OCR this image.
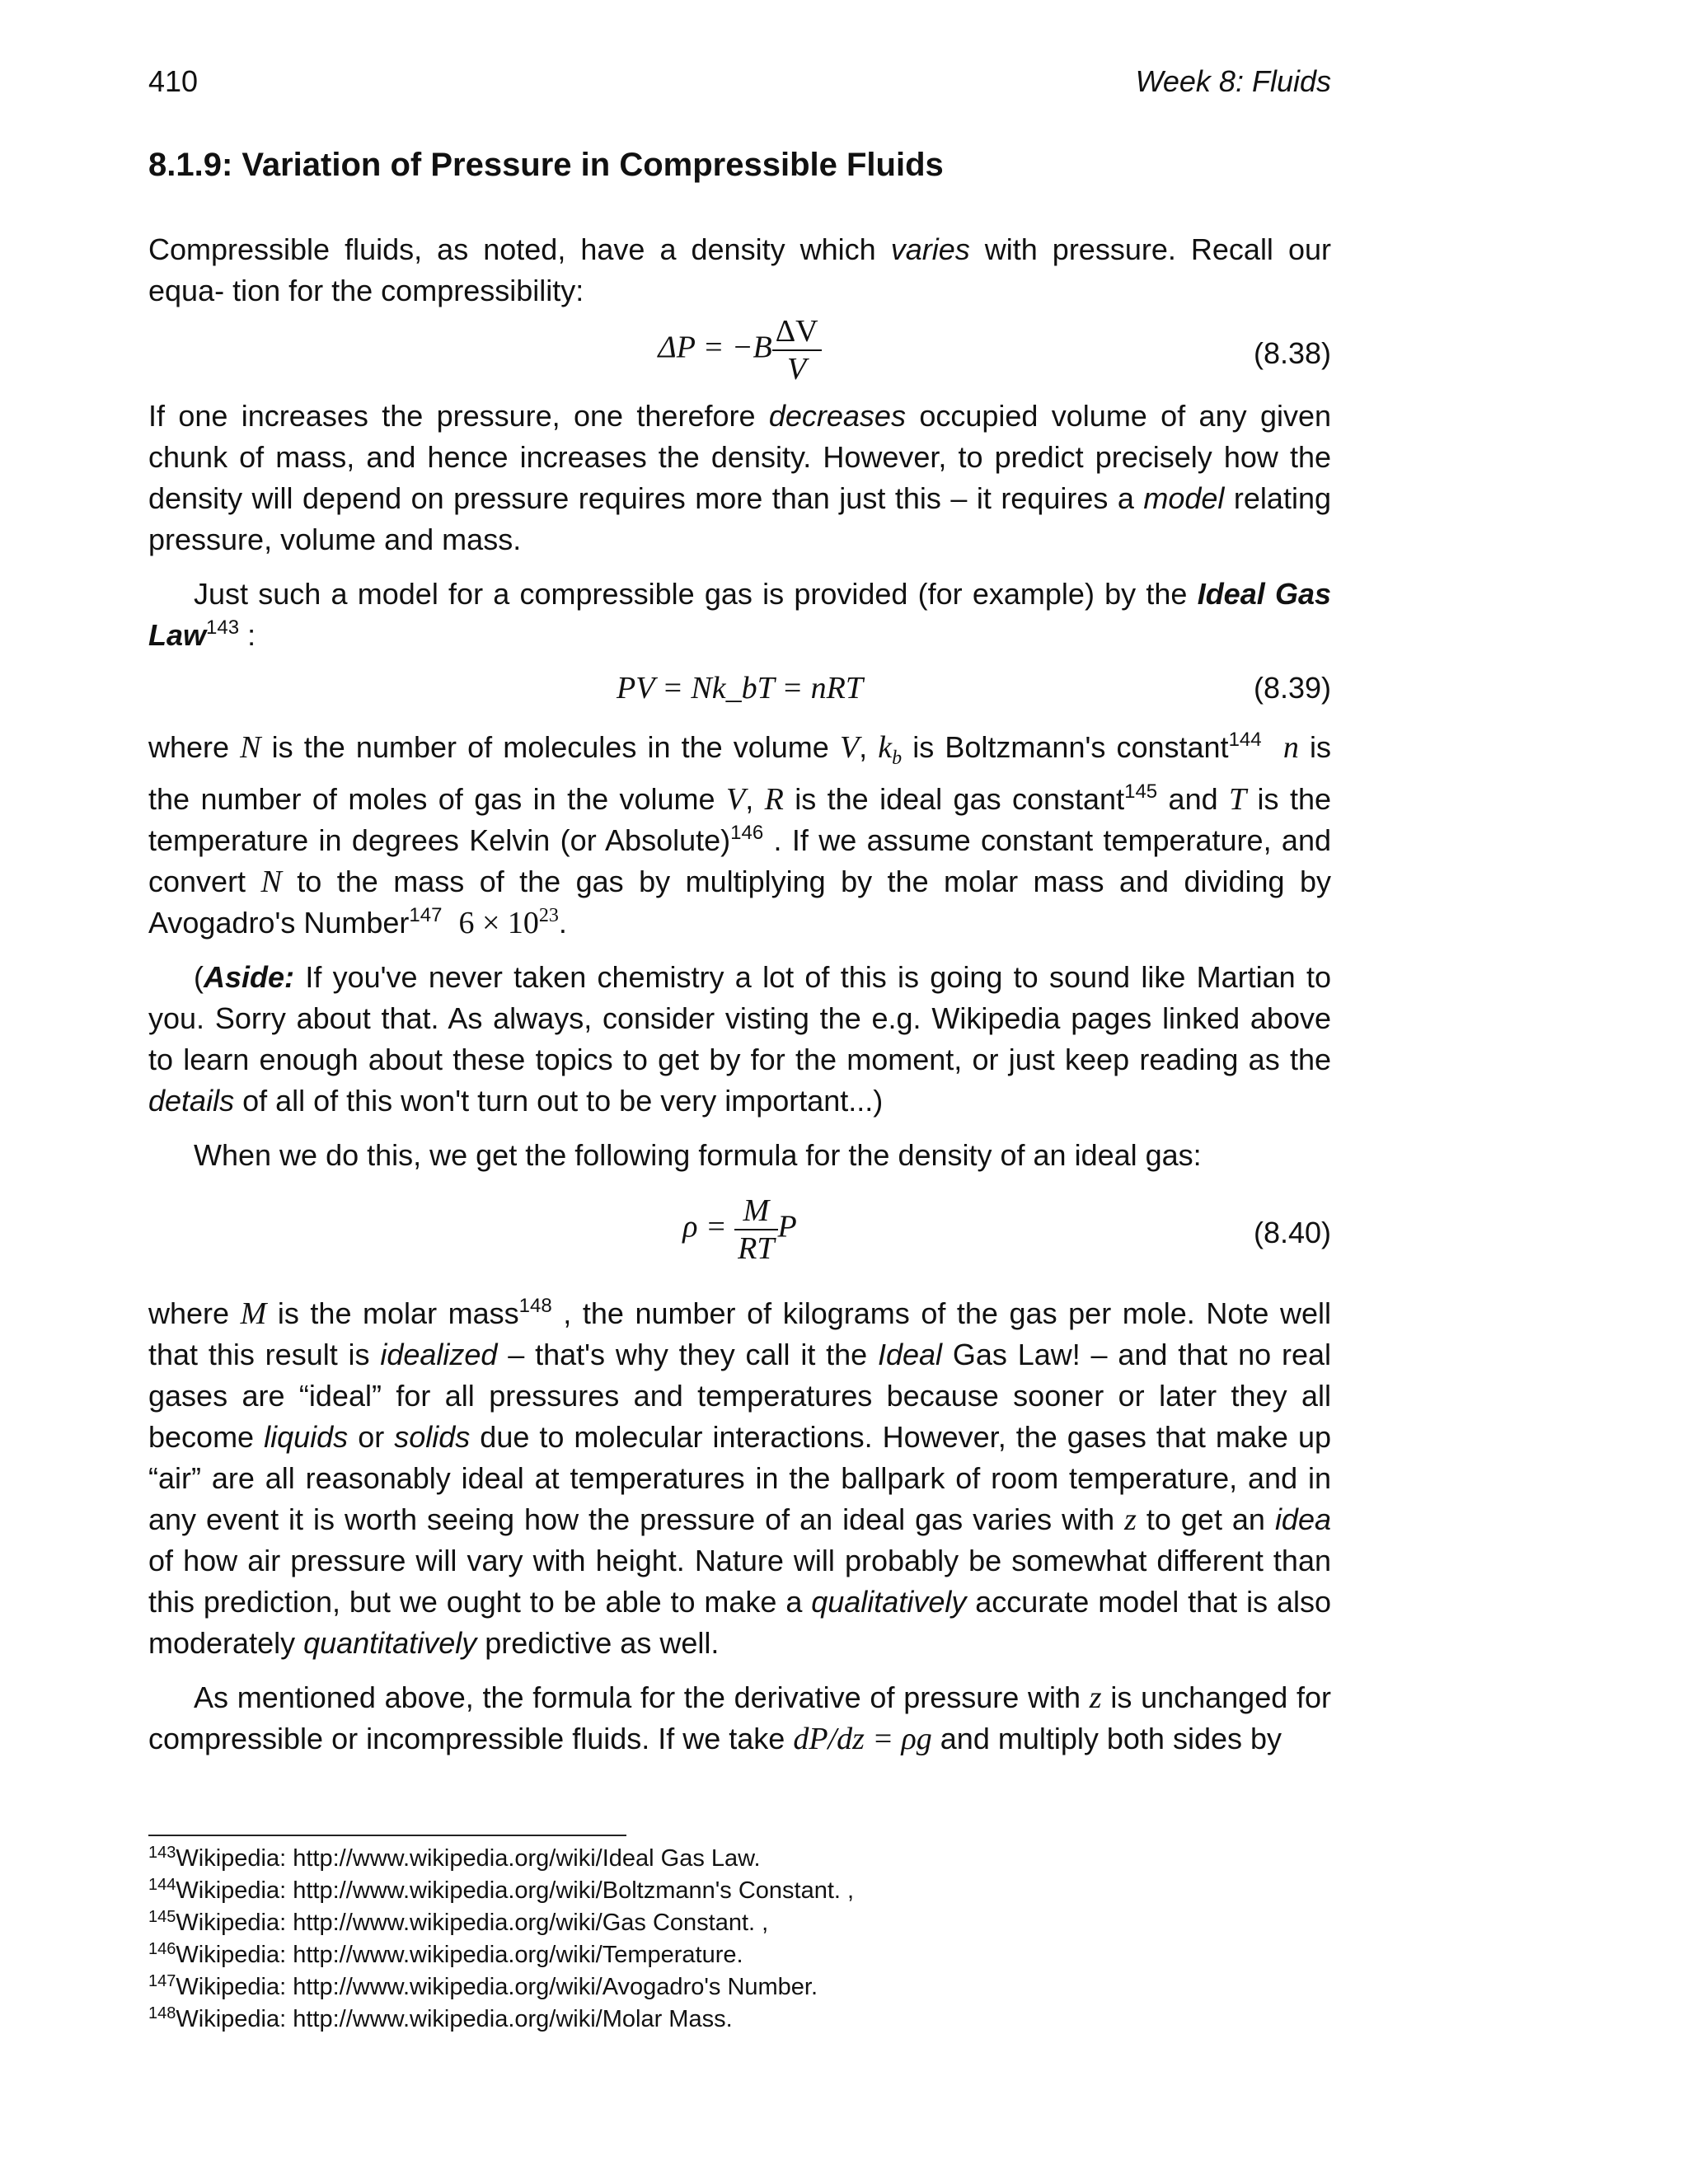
410	Week 8: Fluids
8.1.9: Variation of Pressure in Compressible Fluids

Compressible fluids, as noted, have a density which varies with pressure. Recall our equa- tion for the compressibility:

$\Delta P = -B \frac{\Delta V}{V}$	(8.38)

If one increases the pressure, one therefore decreases occupied volume of any given chunk of mass, and hence increases the density. However, to predict precisely how the density will depend on pressure requires more than just this – it requires a model relating pressure, volume and mass.

Just such a model for a compressible gas is provided (for example) by the Ideal Gas Law$^{143}$ :

PV = Nk_bT = nRT	(8.39)

where N is the number of molecules in the volume V, $k_b$ is Boltzmann's constant$^{144}$ n is the number of moles of gas in the volume V, R is the ideal gas constant$^{145}$ and T is the temperature in degrees Kelvin (or Absolute)$^{146}$ . If we assume constant temperature, and convert N to the mass of the gas by multiplying by the molar mass and dividing by Avogadro's Number$^{147}$ $6 \times 10^{23}$.

(Aside: If you've never taken chemistry a lot of this is going to sound like Martian to you. Sorry about that. As always, consider visting the e.g. Wikipedia pages linked above to learn enough about these topics to get by for the moment, or just keep reading as the details of all of this won't turn out to be very important...)

When we do this, we get the following formula for the density of an ideal gas:

$\rho = \frac{M}{RT}$ P	(8.40)

where M is the molar mass$^{148}$ , the number of kilograms of the gas per mole. Note well that this result is idealized – that's why they call it the Ideal Gas Law! – and that no real gases are “ideal” for all pressures and temperatures because sooner or later they all become liquids or solids due to molecular interactions. However, the gases that make up “air” are all reasonably ideal at temperatures in the ballpark of room temperature, and in any event it is worth seeing how the pressure of an ideal gas varies with z to get an idea of how air pressure will vary with height. Nature will probably be somewhat different than this prediction, but we ought to be able to make a qualitatively accurate model that is also moderately quantitatively predictive as well.

As mentioned above, the formula for the derivative of pressure with z is unchanged for compressible or incompressible fluids. If we take dP/dz = ρg and multiply both sides by

$^{143}$Wikipedia: http://www.wikipedia.org/wiki/Ideal Gas Law.
$^{144}$Wikipedia: http://www.wikipedia.org/wiki/Boltzmann's Constant. ,
$^{145}$Wikipedia: http://www.wikipedia.org/wiki/Gas Constant. ,
$^{146}$Wikipedia: http://www.wikipedia.org/wiki/Temperature.
$^{147}$Wikipedia: http://www.wikipedia.org/wiki/Avogadro's Number.
$^{148}$Wikipedia: http://www.wikipedia.org/wiki/Molar Mass.
